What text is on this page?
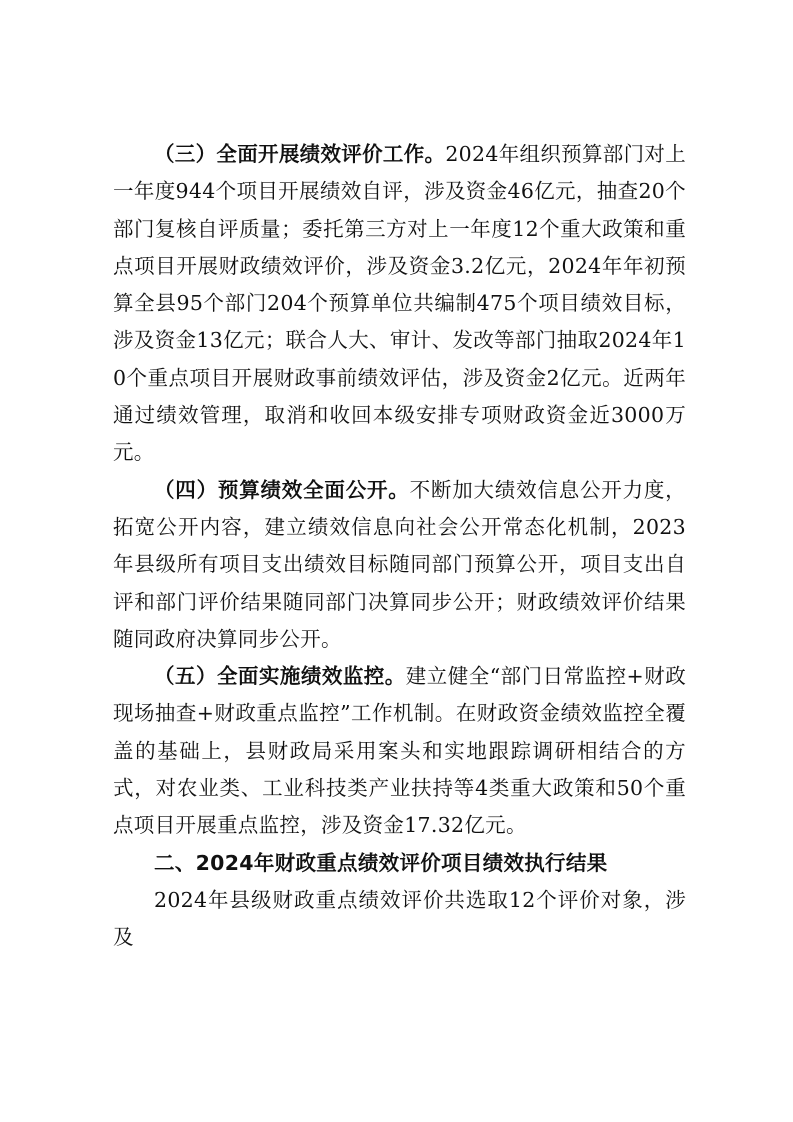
（三）全面开展绩效评价工作。2024年组织预算部门对上一年度944个项目开展绩效自评，涉及资金46亿元，抽查20个部门复核自评质量；委托第三方对上一年度12个重大政策和重点项目开展财政绩效评价，涉及资金3.2亿元，2024年年初预算全县95个部门204个预算单位共编制475个项目绩效目标，涉及资金13亿元；联合人大、审计、发改等部门抽取2024年10个重点项目开展财政事前绩效评估，涉及资金2亿元。近两年通过绩效管理，取消和收回本级安排专项财政资金近3000万元。

（四）预算绩效全面公开。不断加大绩效信息公开力度，拓宽公开内容，建立绩效信息向社会公开常态化机制，2023年县级所有项目支出绩效目标随同部门预算公开，项目支出自评和部门评价结果随同部门决算同步公开；财政绩效评价结果随同政府决算同步公开。

（五）全面实施绩效监控。建立健全“部门日常监控+财政现场抽查+财政重点监控”工作机制。在财政资金绩效监控全覆盖的基础上，县财政局采用案头和实地跟踪调研相结合的方式，对农业类、工业科技类产业扶持等4类重大政策和50个重点项目开展重点监控，涉及资金17.32亿元。

二、2024年财政重点绩效评价项目绩效执行结果

2024年县级财政重点绩效评价共选取12个评价对象，涉及
